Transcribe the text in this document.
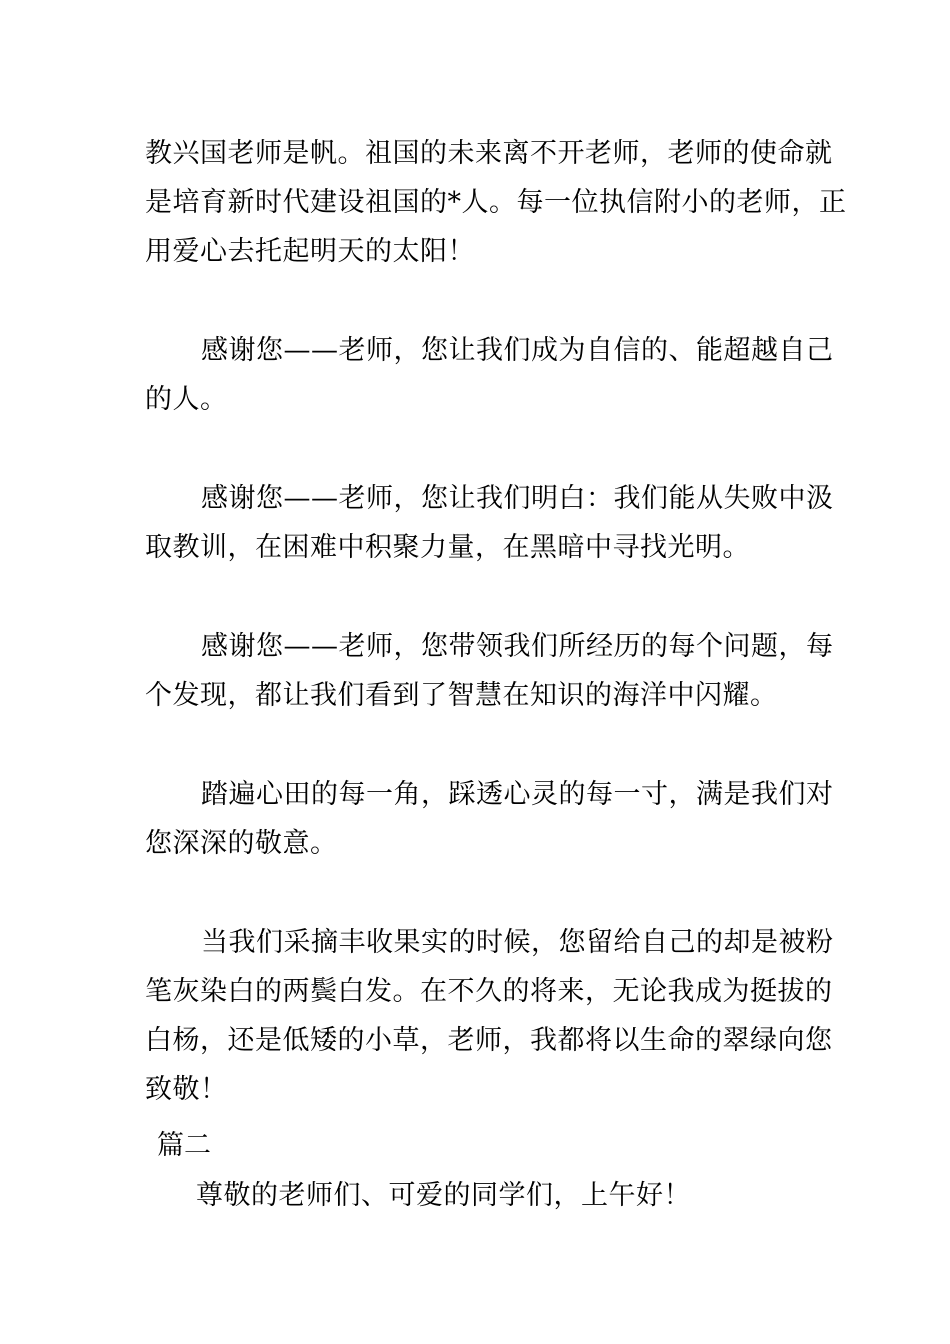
教兴国老师是帆。祖国的未来离不开老师，老师的使命就
是培育新时代建设祖国的*人。每一位执信附小的老师，正
用爱心去托起明天的太阳！

感谢您——老师，您让我们成为自信的、能超越自己
的人。

感谢您——老师，您让我们明白：我们能从失败中汲
取教训，在困难中积聚力量，在黑暗中寻找光明。

感谢您——老师，您带领我们所经历的每个问题，每
个发现，都让我们看到了智慧在知识的海洋中闪耀。

踏遍心田的每一角，踩透心灵的每一寸，满是我们对
您深深的敬意。

当我们采摘丰收果实的时候，您留给自己的却是被粉
笔灰染白的两鬓白发。在不久的将来，无论我成为挺拔的
白杨，还是低矮的小草，老师，我都将以生命的翠绿向您
致敬！

篇二

尊敬的老师们、可爱的同学们，上午好！
